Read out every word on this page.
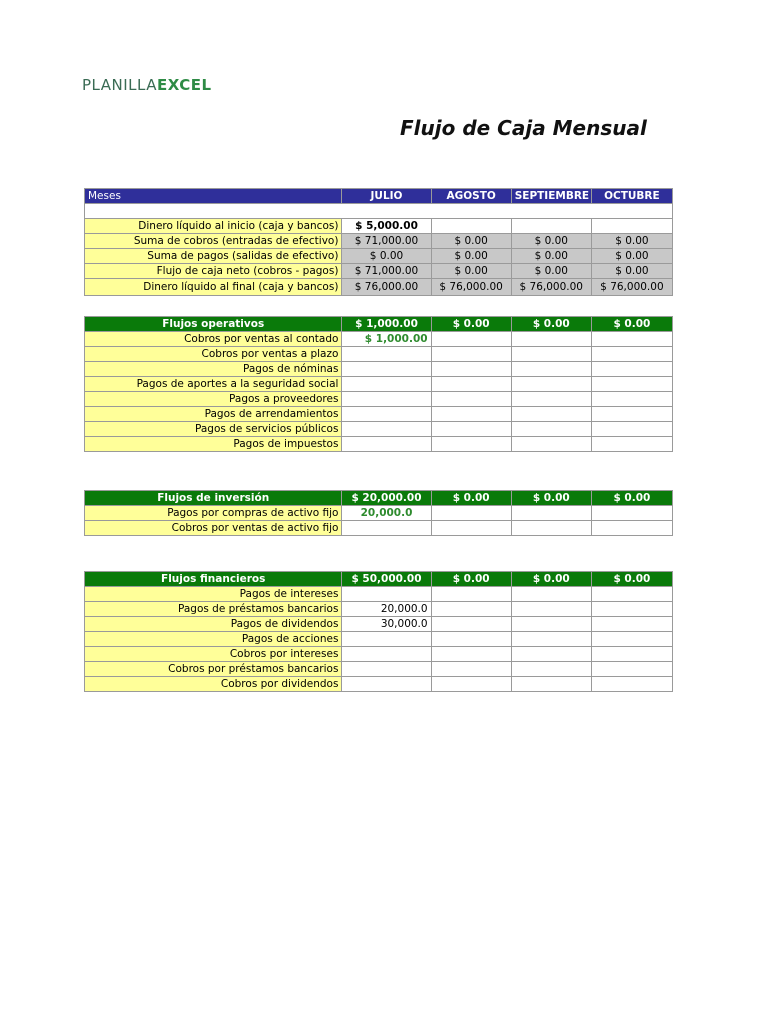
PLANILLAEXCEL
Flujo de Caja Mensual
Meses	JULIO	AGOSTO	SEPTIEMBRE	OCTUBRE

Dinero líquido al inicio (caja y bancos)	$ 5,000.00			
Suma de cobros (entradas de efectivo)	$ 71,000.00	$ 0.00	$ 0.00	$ 0.00
Suma de pagos (salidas de efectivo)	$ 0.00	$ 0.00	$ 0.00	$ 0.00
Flujo de caja neto (cobros - pagos)	$ 71,000.00	$ 0.00	$ 0.00	$ 0.00
Dinero líquido al final (caja y bancos)	$ 76,000.00	$ 76,000.00	$ 76,000.00	$ 76,000.00
Flujos operativos	$ 1,000.00	$ 0.00	$ 0.00	$ 0.00
Cobros por ventas al contado	$ 1,000.00			
Cobros por ventas a plazo				
Pagos de nóminas				
Pagos de aportes a la seguridad social				
Pagos a proveedores				
Pagos de arrendamientos				
Pagos de servicios públicos				
Pagos de impuestos				
Flujos de inversión	$ 20,000.00	$ 0.00	$ 0.00	$ 0.00
Pagos por compras de activo fijo	20,000.0			
Cobros por ventas de activo fijo				
Flujos financieros	$ 50,000.00	$ 0.00	$ 0.00	$ 0.00
Pagos de intereses				
Pagos de préstamos bancarios	20,000.0			
Pagos de dividendos	30,000.0			
Pagos de acciones				
Cobros por intereses				
Cobros por préstamos bancarios				
Cobros por dividendos				
